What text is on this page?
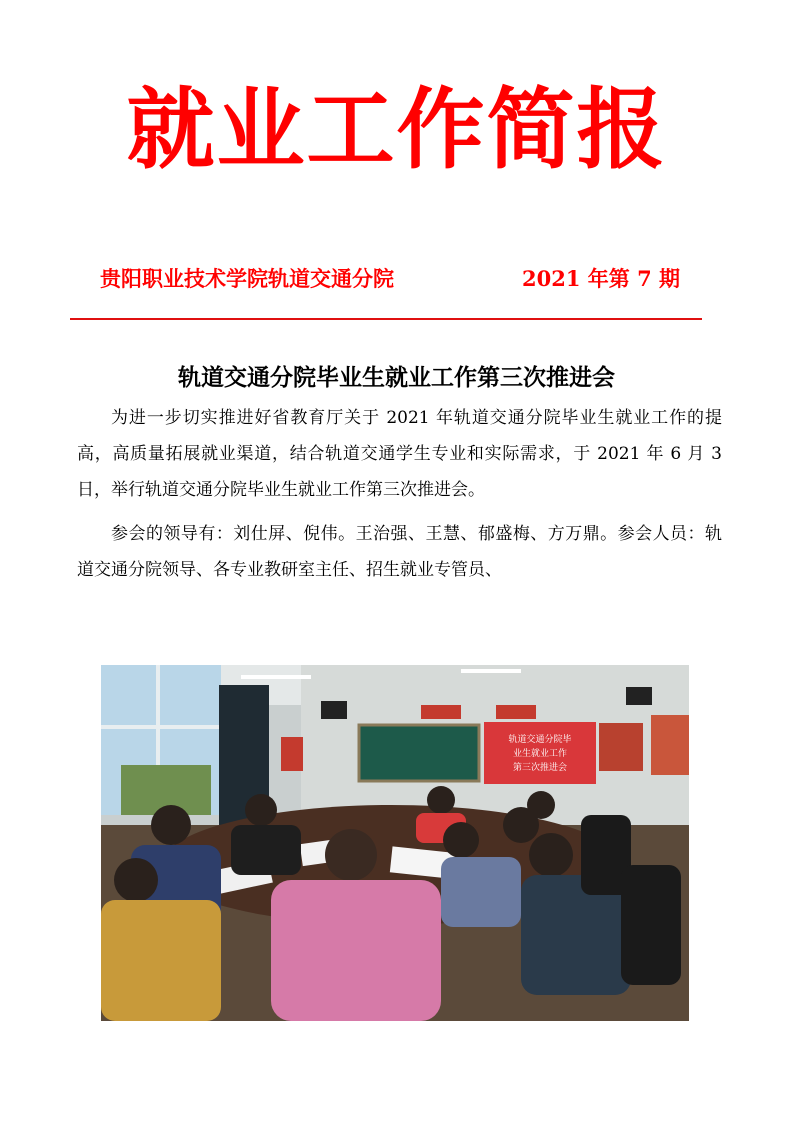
就业工作简报
贵阳职业技术学院轨道交通分院	2021 年第 7 期
轨道交通分院毕业生就业工作第三次推进会

为进一步切实推进好省教育厅关于 2021 年轨道交通分院毕业生就业工作的提高，高质量拓展就业渠道，结合轨道交通学生专业和实际需求，于 2021 年 6 月 3 日，举行轨道交通分院毕业生就业工作第三次推进会。

参会的领导有：刘仕屏、倪伟。王治强、王慧、郁盛梅、方万鼎。参会人员：轨道交通分院领导、各专业教研室主任、招生就业专管员、

轨道交通分院毕
业生就业工作
第三次推进会
